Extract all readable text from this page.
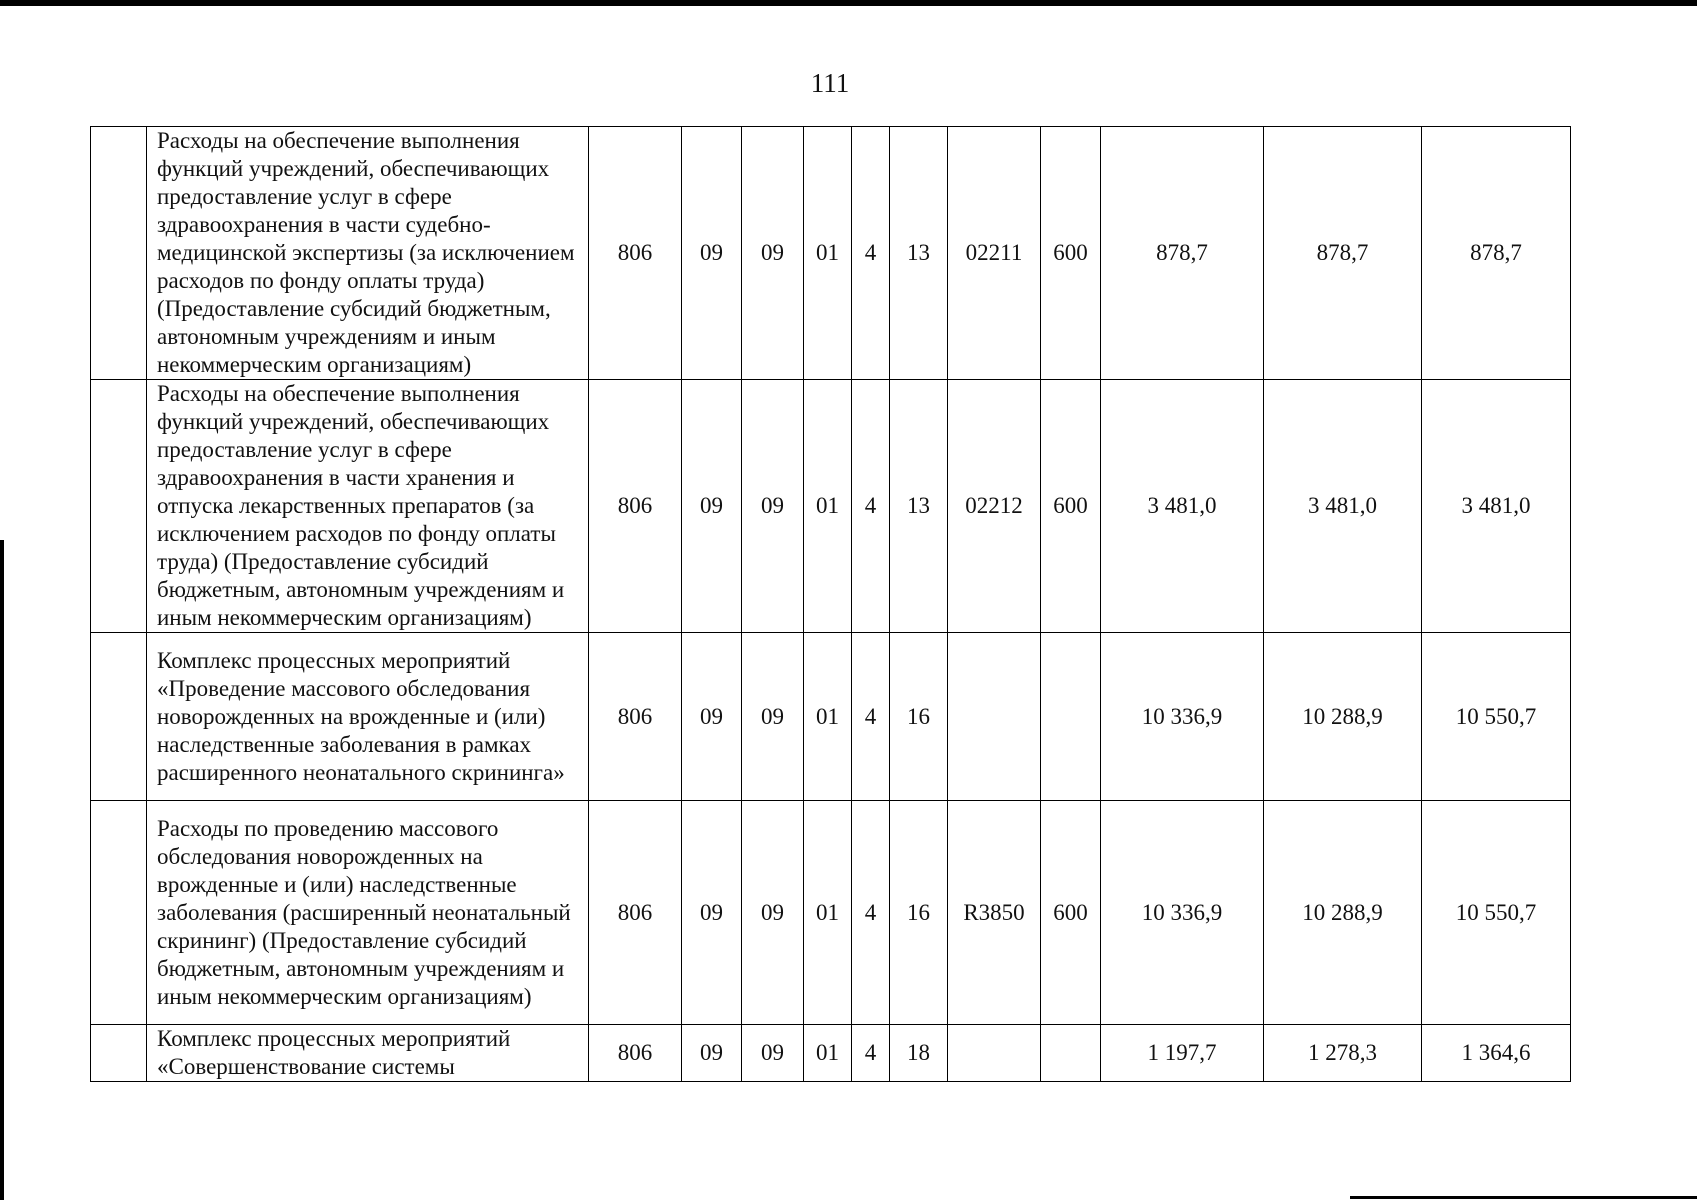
111
	Расходы на обеспечение выполнения функций учреждений, обеспечивающих предоставление услуг в сфере здравоохранения в части судебно-медицинской экспертизы (за исключением расходов по фонду оплаты труда) (Предоставление субсидий бюджетным, автономным учреждениям и иным некоммерческим организациям)	806	09	09	01	4	13	02211	600	878,7	878,7	878,7
	Расходы на обеспечение выполнения функций учреждений, обеспечивающих предоставление услуг в сфере здравоохранения в части хранения и отпуска лекарственных препаратов (за исключением расходов по фонду оплаты труда) (Предоставление субсидий бюджетным, автономным учреждениям и иным некоммерческим организациям)	806	09	09	01	4	13	02212	600	3 481,0	3 481,0	3 481,0
	Комплекс процессных мероприятий «Проведение массового обследования новорожденных на врожденные и (или) наследственные заболевания в рамках расширенного неонатального скрининга»	806	09	09	01	4	16			10 336,9	10 288,9	10 550,7
	Расходы по проведению массового обследования новорожденных на врожденные и (или) наследственные заболевания (расширенный неонатальный скрининг) (Предоставление субсидий бюджетным, автономным учреждениям и иным некоммерческим организациям)	806	09	09	01	4	16	R3850	600	10 336,9	10 288,9	10 550,7
	Комплекс процессных мероприятий «Совершенствование системы	806	09	09	01	4	18			1 197,7	1 278,3	1 364,6
